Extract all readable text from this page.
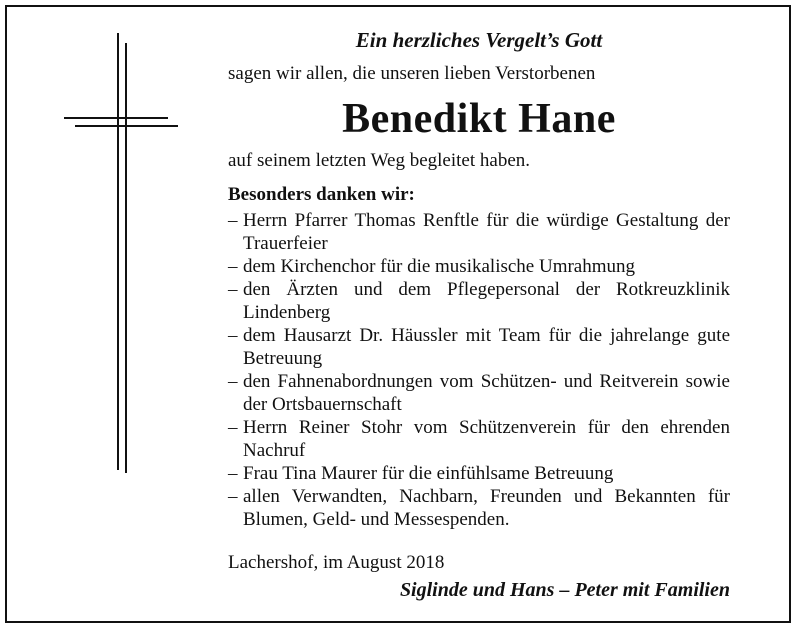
Ein herzliches Vergelt’s Gott
sagen wir allen, die unseren lieben Verstorbenen
Benedikt Hane
auf seinem letzten Weg begleitet haben.
Besonders danken wir:
– Herrn Pfarrer Thomas Renftle für die würdige Gestaltung der Trauerfeier
– dem Kirchenchor für die musikalische Umrahmung
– den Ärzten und dem Pflegepersonal der Rotkreuzklinik Lindenberg
– dem Hausarzt Dr. Häussler mit Team für die jahrelange gute Betreuung
– den Fahnenabordnungen vom Schützen- und Reitverein sowie der Ortsbauernschaft
– Herrn Reiner Stohr vom Schützenverein für den ehrenden Nachruf
– Frau Tina Maurer für die einfühlsame Betreuung
– allen Verwandten, Nachbarn, Freunden und Bekannten für Blumen, Geld- und Messespenden.
Lachershof, im August 2018
Siglinde und Hans – Peter mit Familien
